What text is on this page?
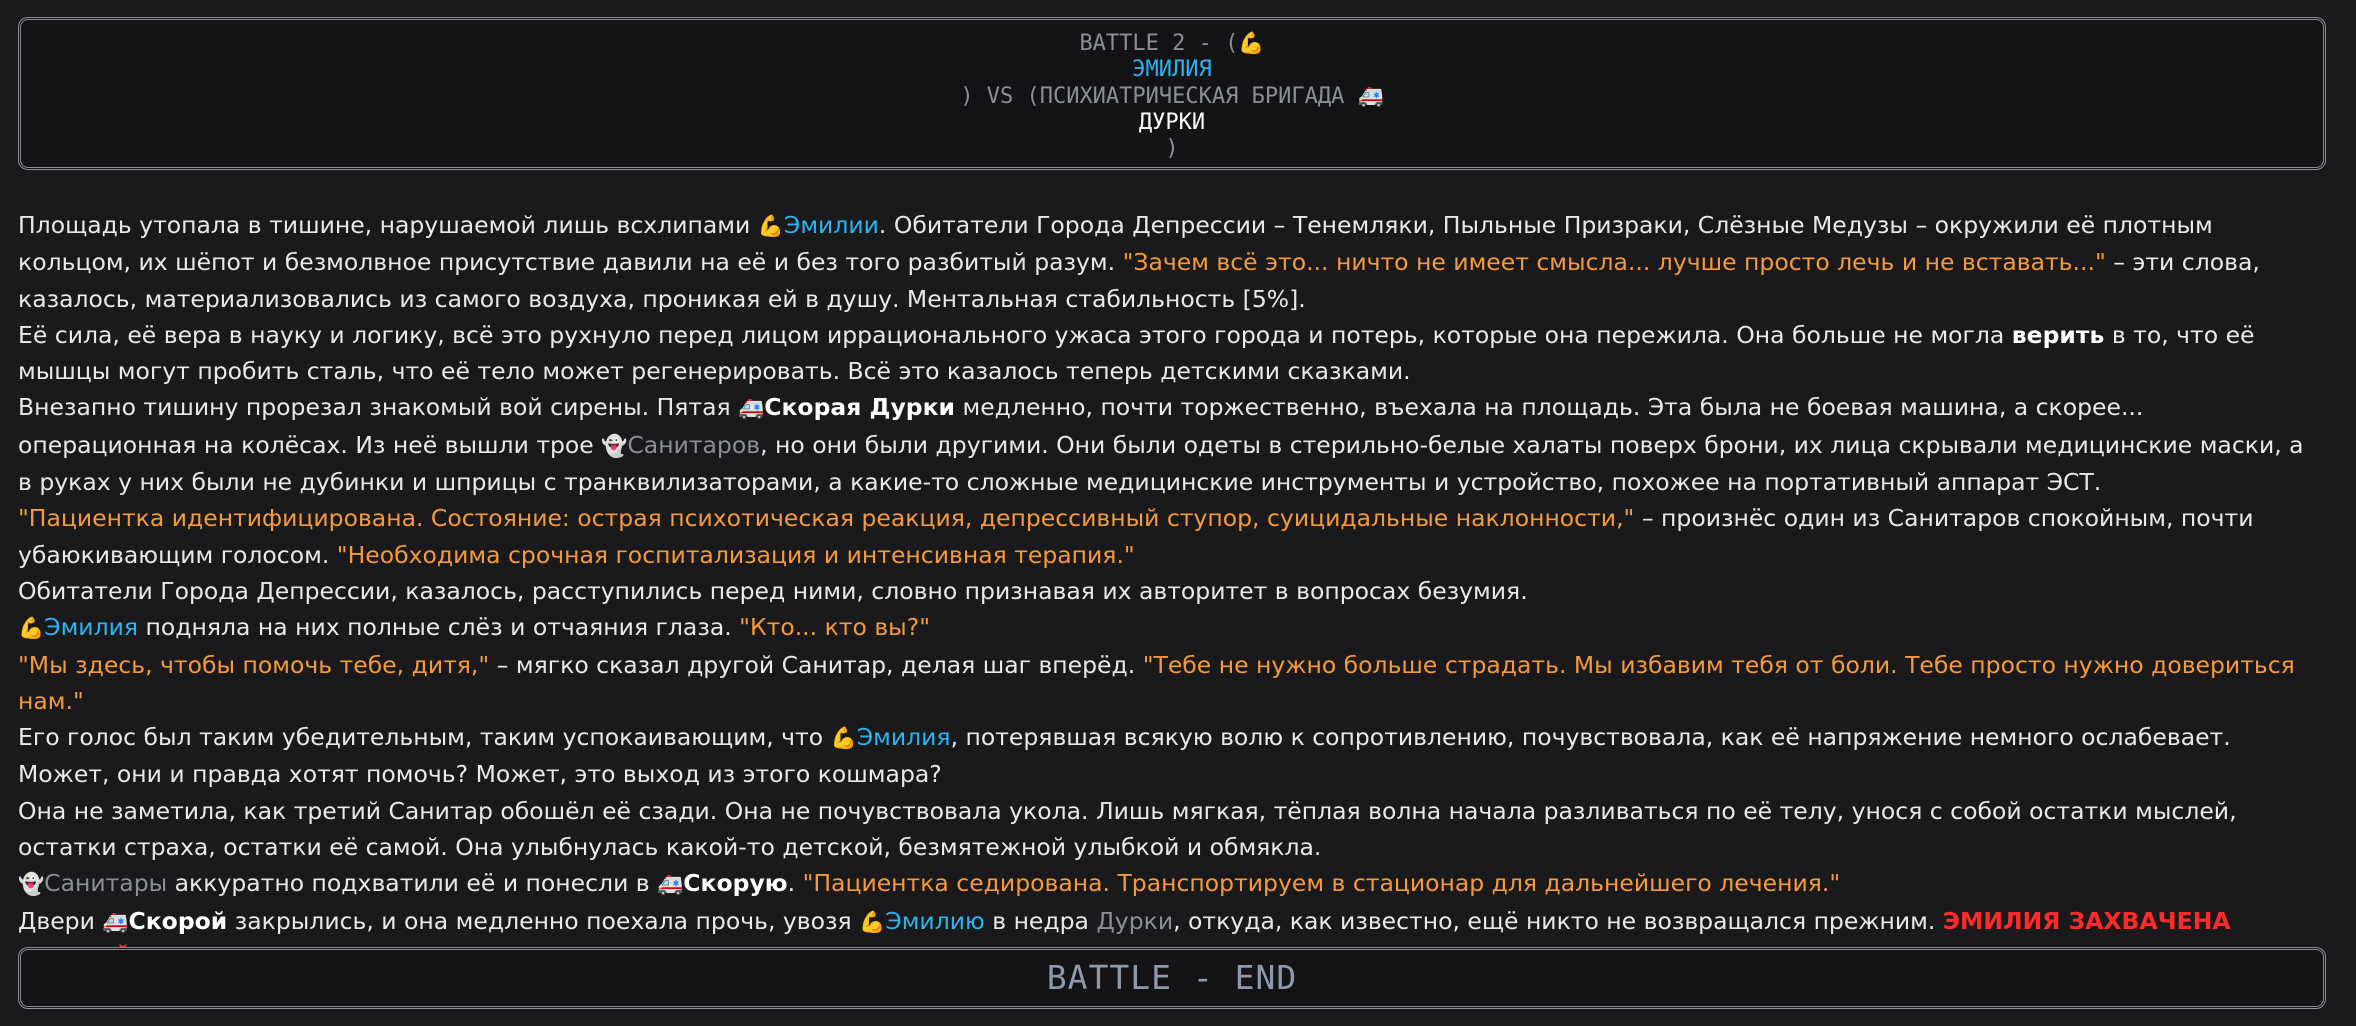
BATTLE 2 - (💪
ЭМИЛИЯ
) VS (ПСИХИАТРИЧЕСКАЯ БРИГАДА 🚑
ДУРКИ
)

Площадь утопала в тишине, нарушаемой лишь всхлипами 💪Эмилии. Обитатели Города Депрессии – Тенемляки, Пыльные Призраки, Слёзные Медузы – окружили её плотным кольцом, их шёпот и безмолвное присутствие давили на её и без того разбитый разум. "Зачем всё это... ничто не имеет смысла... лучше просто лечь и не вставать..." – эти слова, казалось, материализовались из самого воздуха, проникая ей в душу. Ментальная стабильность [5%].

Её сила, её вера в науку и логику, всё это рухнуло перед лицом иррационального ужаса этого города и потерь, которые она пережила. Она больше не могла верить в то, что её мышцы могут пробить сталь, что её тело может регенерировать. Всё это казалось теперь детскими сказками.

Внезапно тишину прорезал знакомый вой сирены. Пятая 🚑Скорая Дурки медленно, почти торжественно, въехала на площадь. Эта была не боевая машина, а скорее... операционная на колёсах. Из неё вышли трое 👻Санитаров, но они были другими. Они были одеты в стерильно-белые халаты поверх брони, их лица скрывали медицинские маски, а в руках у них были не дубинки и шприцы с транквилизаторами, а какие-то сложные медицинские инструменты и устройство, похожее на портативный аппарат ЭСТ.

"Пациентка идентифицирована. Состояние: острая психотическая реакция, депрессивный ступор, суицидальные наклонности," – произнёс один из Санитаров спокойным, почти убаюкивающим голосом. "Необходима срочная госпитализация и интенсивная терапия."

Обитатели Города Депрессии, казалось, расступились перед ними, словно признавая их авторитет в вопросах безумия.

💪Эмилия подняла на них полные слёз и отчаяния глаза. "Кто... кто вы?"

"Мы здесь, чтобы помочь тебе, дитя," – мягко сказал другой Санитар, делая шаг вперёд. "Тебе не нужно больше страдать. Мы избавим тебя от боли. Тебе просто нужно довериться нам."

Его голос был таким убедительным, таким успокаивающим, что 💪Эмилия, потерявшая всякую волю к сопротивлению, почувствовала, как её напряжение немного ослабевает. Может, они и правда хотят помочь? Может, это выход из этого кошмара?

Она не заметила, как третий Санитар обошёл её сзади. Она не почувствовала укола. Лишь мягкая, тёплая волна начала разливаться по её телу, унося с собой остатки мыслей, остатки страха, остатки её самой. Она улыбнулась какой-то детской, безмятежной улыбкой и обмякла.

👻Санитары аккуратно подхватили её и понесли в 🚑Скорую. "Пациентка седирована. Транспортируем в стационар для дальнейшего лечения."

Двери 🚑Скорой закрылись, и она медленно поехала прочь, увозя 💪Эмилию в недра Дурки, откуда, как известно, ещё никто не возвращался прежним. ЭМИЛИЯ ЗАХВАЧЕНА

BATTLE - END
